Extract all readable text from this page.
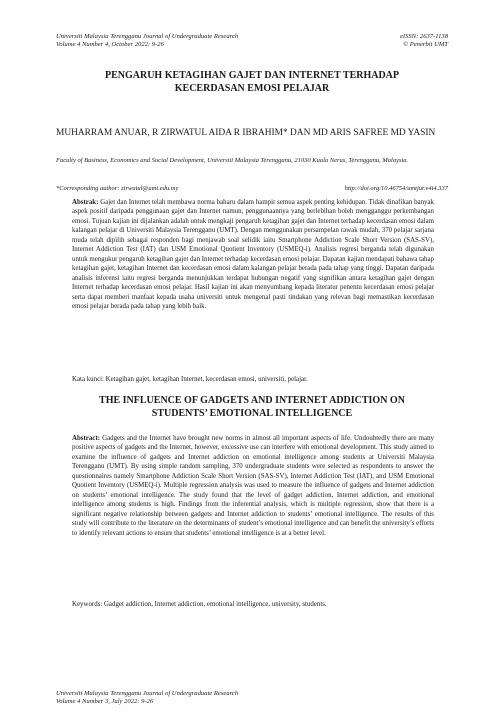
Universiti Malaysia Terengganu Journal of Undergraduate Research
Volume 4 Number 4, October 2022: 9-26
eISSN: 2637-1138
© Penerbit UMT
PENGARUH KETAGIHAN GAJET DAN INTERNET TERHADAP
KECERDASAN EMOSI PELAJAR
MUHARRAM ANUAR, R ZIRWATUL AIDA R IBRAHIM* DAN MD ARIS SAFREE MD YASIN
Faculty of Business, Economics and Social Development, Universiti Malaysia Terengganu, 21030 Kuala Nerus, Terengganu, Malaysia.
*Corresponding author: zirwatul@umt.edu.my	http://doi.org/10.46754/umtjur.v4i4.337
Abstrak: Gajet dan Internet telah membawa norma baharu dalam hampir semua aspek penting kehidupan. Tidak dinafikan banyak aspek positif daripada penggunaan gajet dan Internet namun, penggunaannya yang berlebihan boleh mengganggu perkembangan emosi. Tujuan kajian ini dijalankan adalah untuk mengkaji pengaruh ketagihan gajet dan Internet terhadap kecerdasan emosi dalam kalangan pelajar di Universiti Malaysia Terengganu (UMT). Dengan menggunakan persampelan rawak mudah, 370 pelajar sarjana muda telah dipilih sebagai responden bagi menjawab soal selidik iaitu Smartphone Addiction Scale Short Version (SAS-SV), Internet Addiction Test (IAT) dan USM Emotional Quotient Inventory (USMEQ-i). Analisis regresi berganda telah digunakan untuk mengukur pengaruh ketagihan gajet dan Internet terhadap kecerdasan emosi pelajar. Dapatan kajian mendapati bahawa tahap ketagihan gajet, ketagihan Internet dan kecerdasan emosi dalam kalangan pelajar berada pada tahap yang tinggi. Dapatan daripada analisis inferensi iaitu regresi berganda menunjukkan terdapat hubungan negatif yang signifikan antara ketagihan gajet dengan Internet terhadap kecerdasan emosi pelajar. Hasil kajian ini akan menyumbang kepada literatur penentu kecerdasan emosi pelajar serta dapat memberi manfaat kepada usaha universiti untuk mengenal pasti tindakan yang relevan bagi memastikan kecerdasan emosi pelajar berada pada tahap yang lebih baik.
Kata kunci: Ketagihan gajet, ketagihan Internet, kecerdasan emosi, universiti, pelajar.
THE INFLUENCE OF GADGETS AND INTERNET ADDICTION ON
STUDENTS’ EMOTIONAL INTELLIGENCE
Abstract: Gadgets and the Internet have brought new norms in almost all important aspects of life. Undoubtedly there are many positive aspects of gadgets and the Internet, however, excessive use can interfere with emotional development. This study aimed to examine the influence of gadgets and Internet addiction on emotional intelligence among students at Universiti Malaysia Terengganu (UMT). By using simple random sampling, 370 undergraduate students were selected as respondents to answer the questionnaires namely Smartphone Addiction Scale Short Version (SAS-SV), Internet Addiction Test (IAT), and USM Emotional Quotient Inventory (USMEQ-i). Multiple regression analysis was used to measure the influence of gadgets and Internet addiction on students’ emotional intelligence. The study found that the level of gadget addiction, Internet addiction, and emotional intelligence among students is high. Findings from the inferential analysis, which is multiple regression, show that there is a significant negative relationship between gadgets and Internet addiction to students’ emotional intelligence. The results of this study will contribute to the literature on the determinants of student’s emotional intelligence and can benefit the university’s efforts to identify relevant actions to ensure that students’ emotional intelligence is at a better level.
Keywords: Gadget addiction, Internet addiction, emotional intelligence, university, students.
Universiti Malaysia Terengganu Journal of Undergraduate Research
Volume 4 Number 3, July 2022: 9-26
